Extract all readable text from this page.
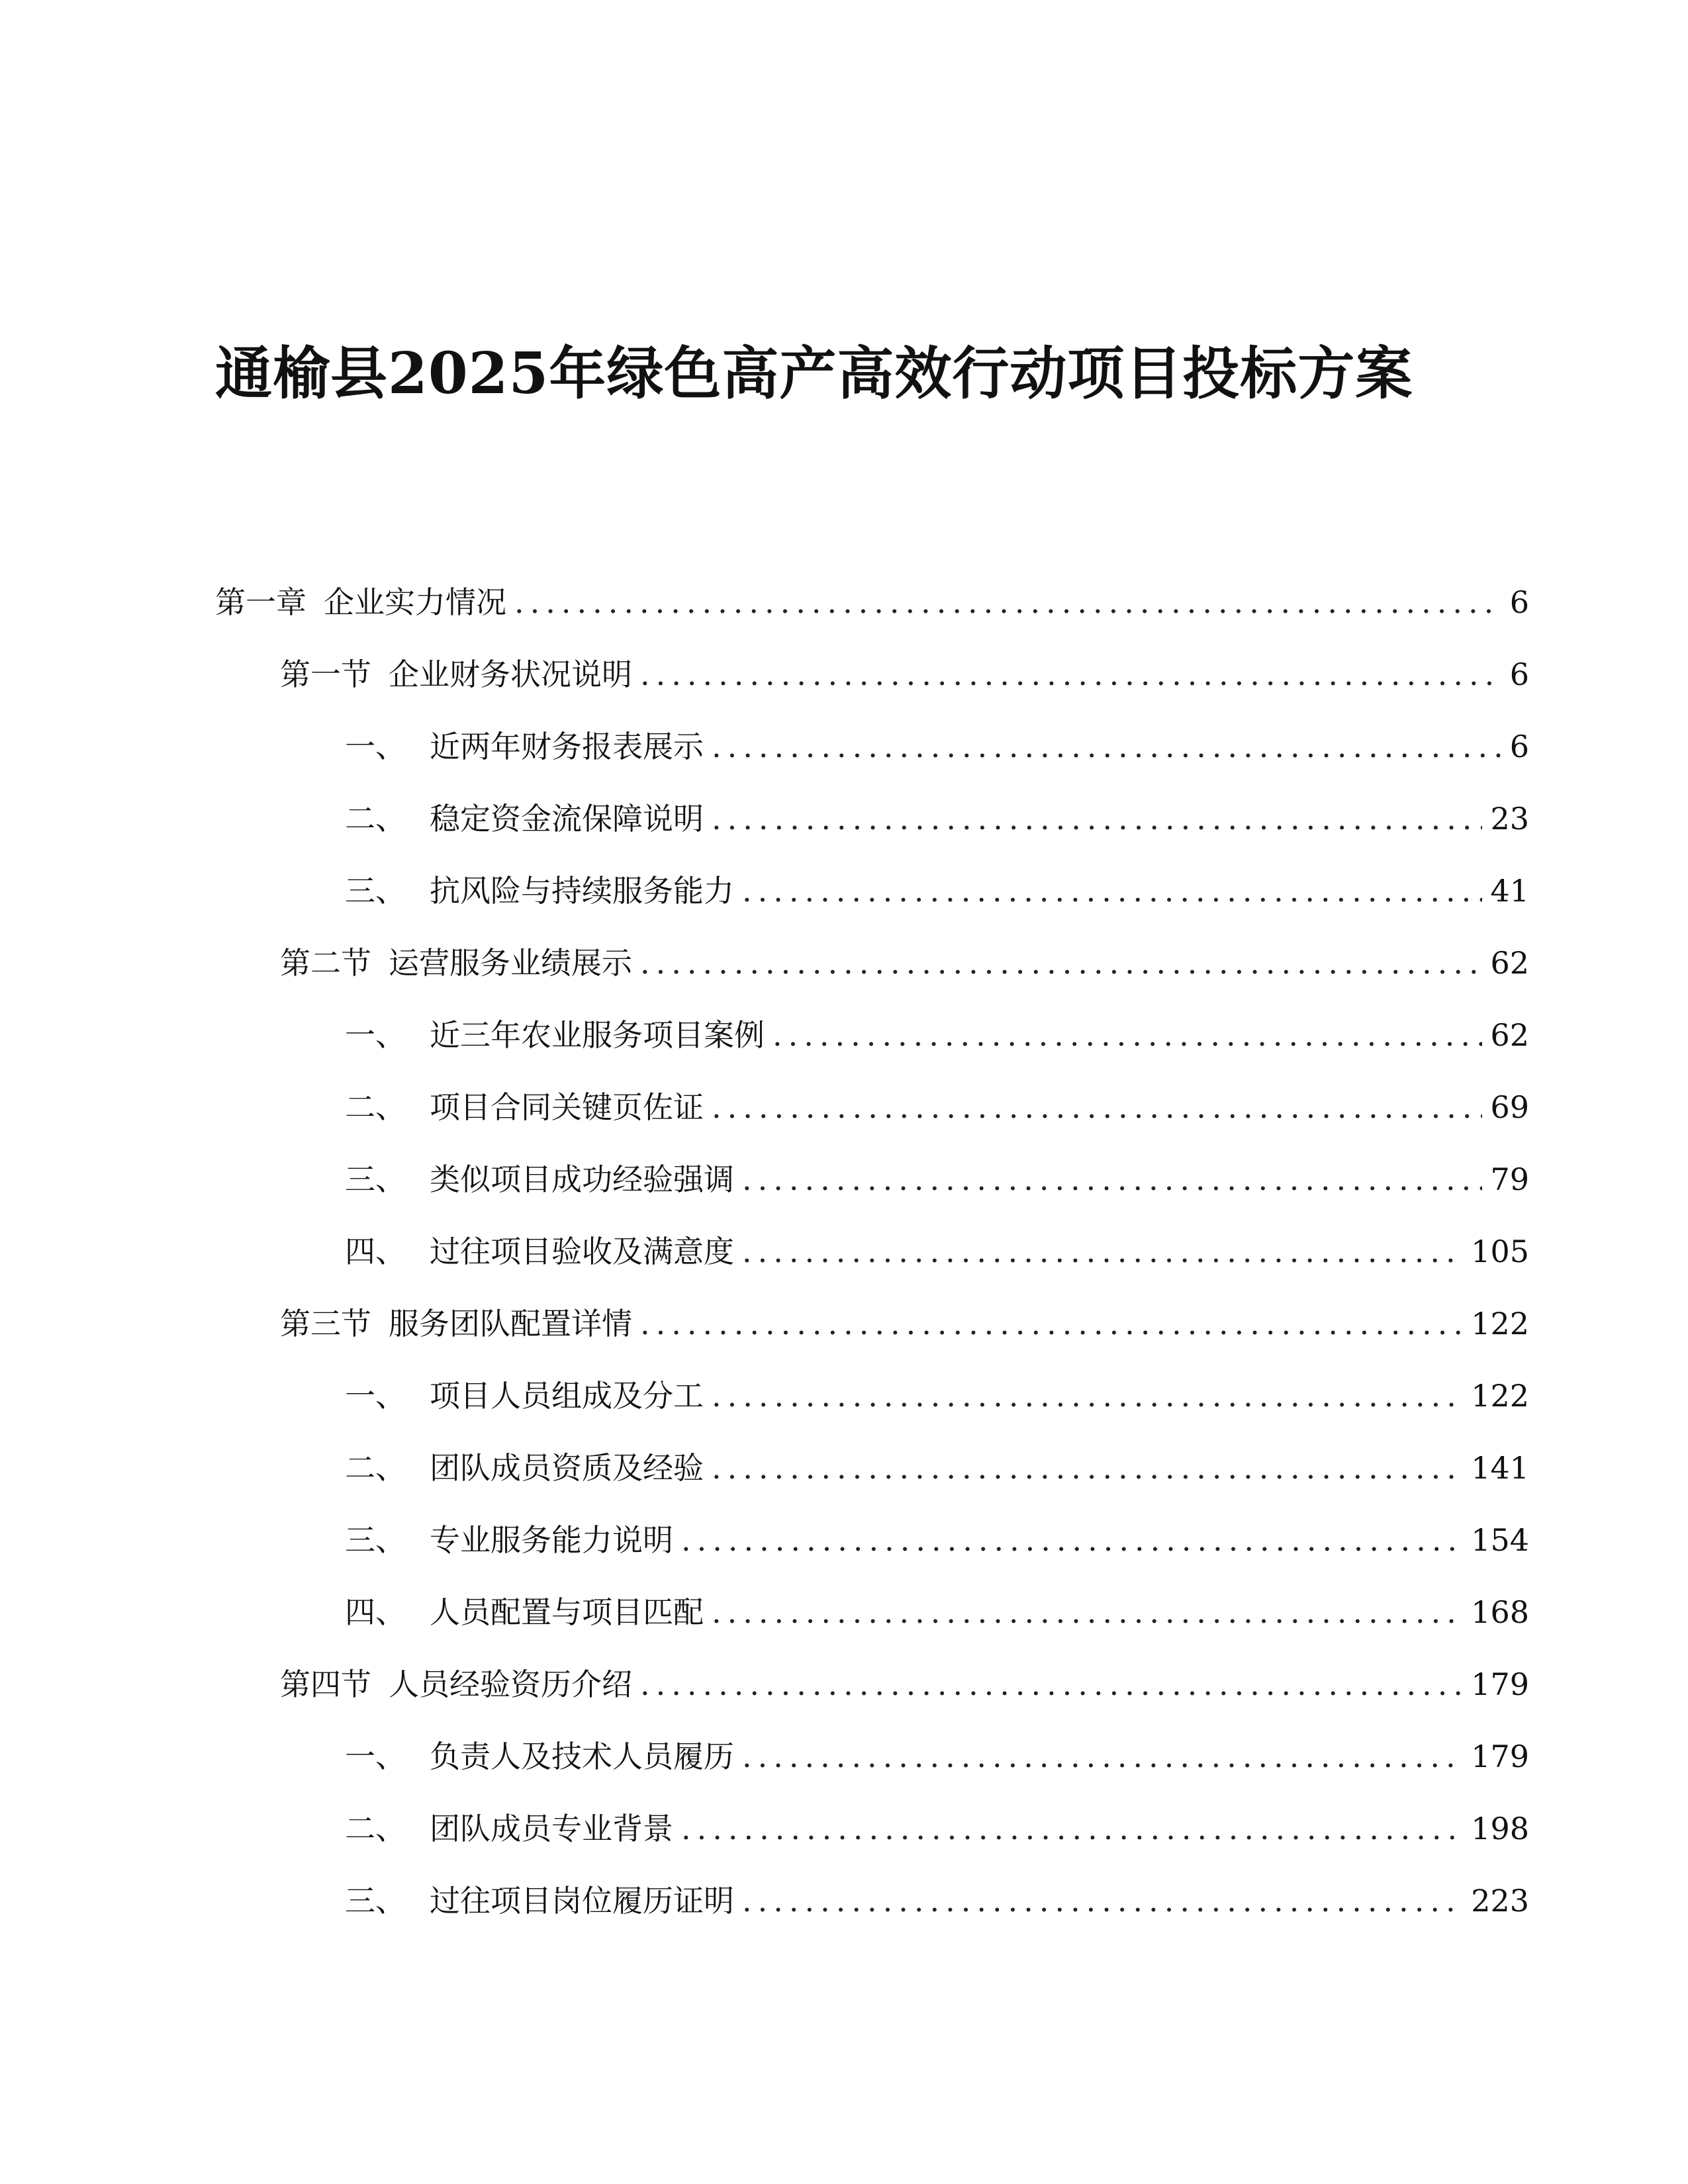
通榆县2025年绿色高产高效行动项目投标方案
第一章 企业实力情况 .....	6
第一节 企业财务状况说明 .....	6
一、 近两年财务报表展示 .....	6
二、 稳定资金流保障说明 .....	23
三、 抗风险与持续服务能力 .....	41
第二节 运营服务业绩展示 .....	62
一、 近三年农业服务项目案例 .....	62
二、 项目合同关键页佐证 .....	69
三、 类似项目成功经验强调 .....	79
四、 过往项目验收及满意度 .....	105
第三节 服务团队配置详情 .....	122
一、 项目人员组成及分工 .....	122
二、 团队成员资质及经验 .....	141
三、 专业服务能力说明 .....	154
四、 人员配置与项目匹配 .....	168
第四节 人员经验资历介绍 .....	179
一、 负责人及技术人员履历 .....	179
二、 团队成员专业背景 .....	198
三、 过往项目岗位履历证明 .....	223
